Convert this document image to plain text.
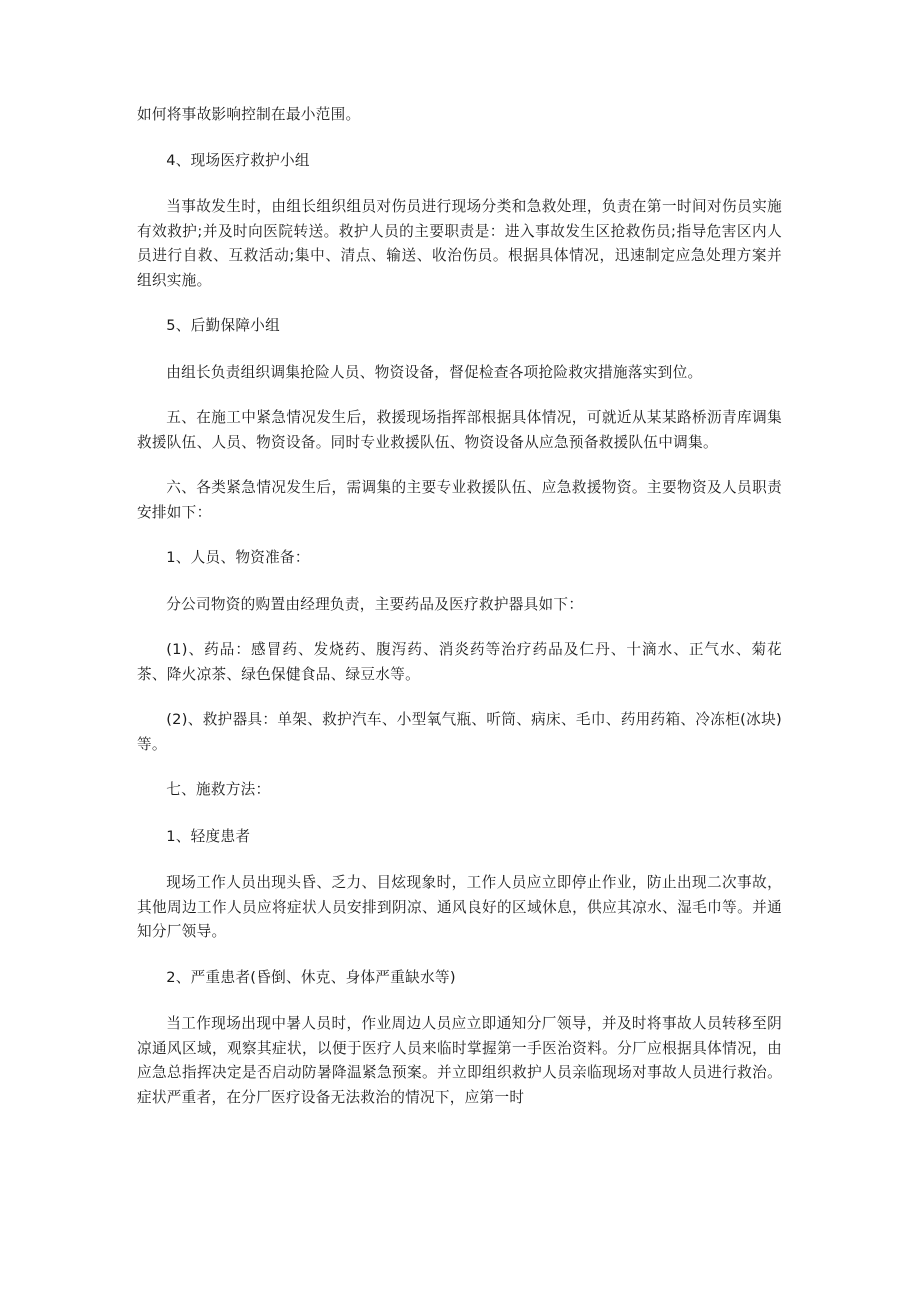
如何将事故影响控制在最小范围。

4、现场医疗救护小组

当事故发生时，由组长组织组员对伤员进行现场分类和急救处理，负责在第一时间对伤员实施有效救护;并及时向医院转送。救护人员的主要职责是：进入事故发生区抢救伤员;指导危害区内人员进行自救、互救活动;集中、清点、输送、收治伤员。根据具体情况，迅速制定应急处理方案并组织实施。

5、后勤保障小组

由组长负责组织调集抢险人员、物资设备，督促检查各项抢险救灾措施落实到位。

五、在施工中紧急情况发生后，救援现场指挥部根据具体情况，可就近从某某路桥沥青库调集救援队伍、人员、物资设备。同时专业救援队伍、物资设备从应急预备救援队伍中调集。

六、各类紧急情况发生后，需调集的主要专业救援队伍、应急救援物资。主要物资及人员职责安排如下：

1、人员、物资准备：

分公司物资的购置由经理负责，主要药品及医疗救护器具如下：

(1)、药品：感冒药、发烧药、腹泻药、消炎药等治疗药品及仁丹、十滴水、正气水、菊花茶、降火凉茶、绿色保健食品、绿豆水等。

(2)、救护器具：单架、救护汽车、小型氧气瓶、听筒、病床、毛巾、药用药箱、冷冻柜(冰块)等。

七、施救方法：

1、轻度患者

现场工作人员出现头昏、乏力、目炫现象时，工作人员应立即停止作业，防止出现二次事故，其他周边工作人员应将症状人员安排到阴凉、通风良好的区域休息，供应其凉水、湿毛巾等。并通知分厂领导。

2、严重患者(昏倒、休克、身体严重缺水等)

当工作现场出现中暑人员时，作业周边人员应立即通知分厂领导，并及时将事故人员转移至阴凉通风区域，观察其症状，以便于医疗人员来临时掌握第一手医治资料。分厂应根据具体情况，由应急总指挥决定是否启动防暑降温紧急预案。并立即组织救护人员亲临现场对事故人员进行救治。症状严重者，在分厂医疗设备无法救治的情况下，应第一时
